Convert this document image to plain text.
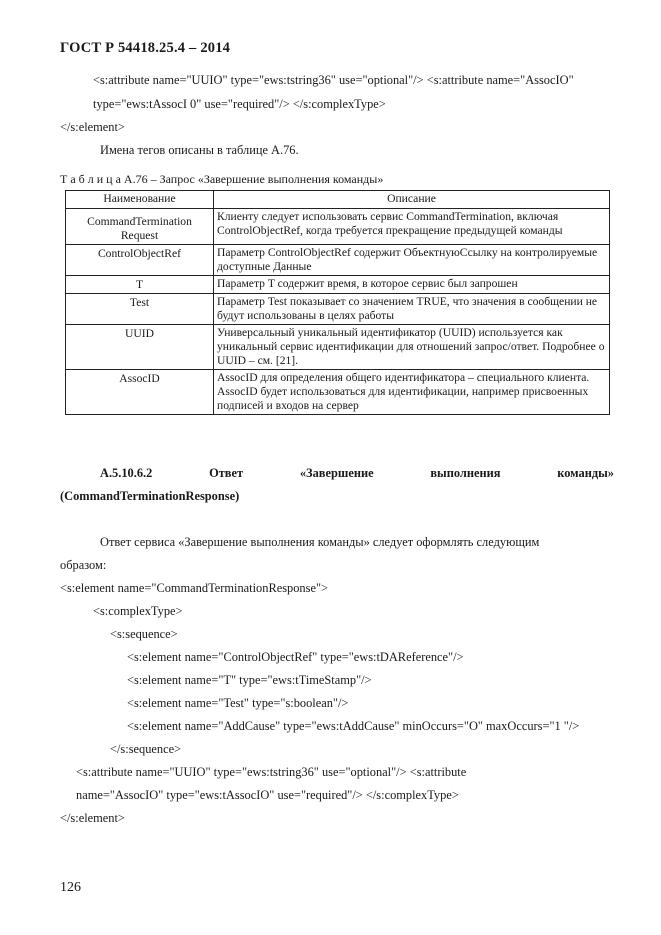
ГОСТ Р 54418.25.4 – 2014
<s:attribute name="UUIO" type="ews:tstring36" use="optional"/> <s:attribute name="AssocIO"
type="ews:tAssocI 0" use="required"/> </s:complexType>
</s:element>
Имена тегов описаны в таблице А.76.
Т а б л и ц а А.76 – Запрос «Завершение выполнения команды»
Наименование	Описание
CommandTermination Request	Клиенту следует использовать сервис CommandTermination, включая ControlObjectRef, когда требуется прекращение предыдущей команды
ControlObjectRef	Параметр ControlObjectRef содержит ОбъектнуюСсылку на контролируемые доступные Данные
T	Параметр T содержит время, в которое сервис был запрошен
Test	Параметр Test показывает со значением TRUE, что значения в сообщении не будут использованы в целях работы
UUID	Универсальный уникальный идентификатор (UUID) используется как уникальный сервис идентификации для отношений запрос/ответ. Подробнее о UUID – см. [21].
AssocID	AssocID для определения общего идентификатора – специального клиента. AssocID будет использоваться для идентификации, например присвоенных подписей и входов на сервер
А.5.10.6.2	Ответ	«Завершение	выполнения	команды»
(CommandTerminationResponse)
Ответ сервиса «Завершение выполнения команды» следует оформлять следующим
образом:
<s:element name="CommandTerminationResponse">
<s:complexType>
<s:sequence>
<s:element name="ControlObjectRef" type="ews:tDAReference"/>
<s:element name="T" type="ews:tTimeStamp"/>
<s:element name="Test" type="s:boolean"/>
<s:element name="AddCause" type="ews:tAddCause" minOccurs="O" maxOccurs="1 "/>
</s:sequence>
<s:attribute name="UUIO" type="ews:tstring36" use="optional"/> <s:attribute
name="AssocIO" type="ews:tAssocIO" use="required"/> </s:complexType>
</s:element>
126
